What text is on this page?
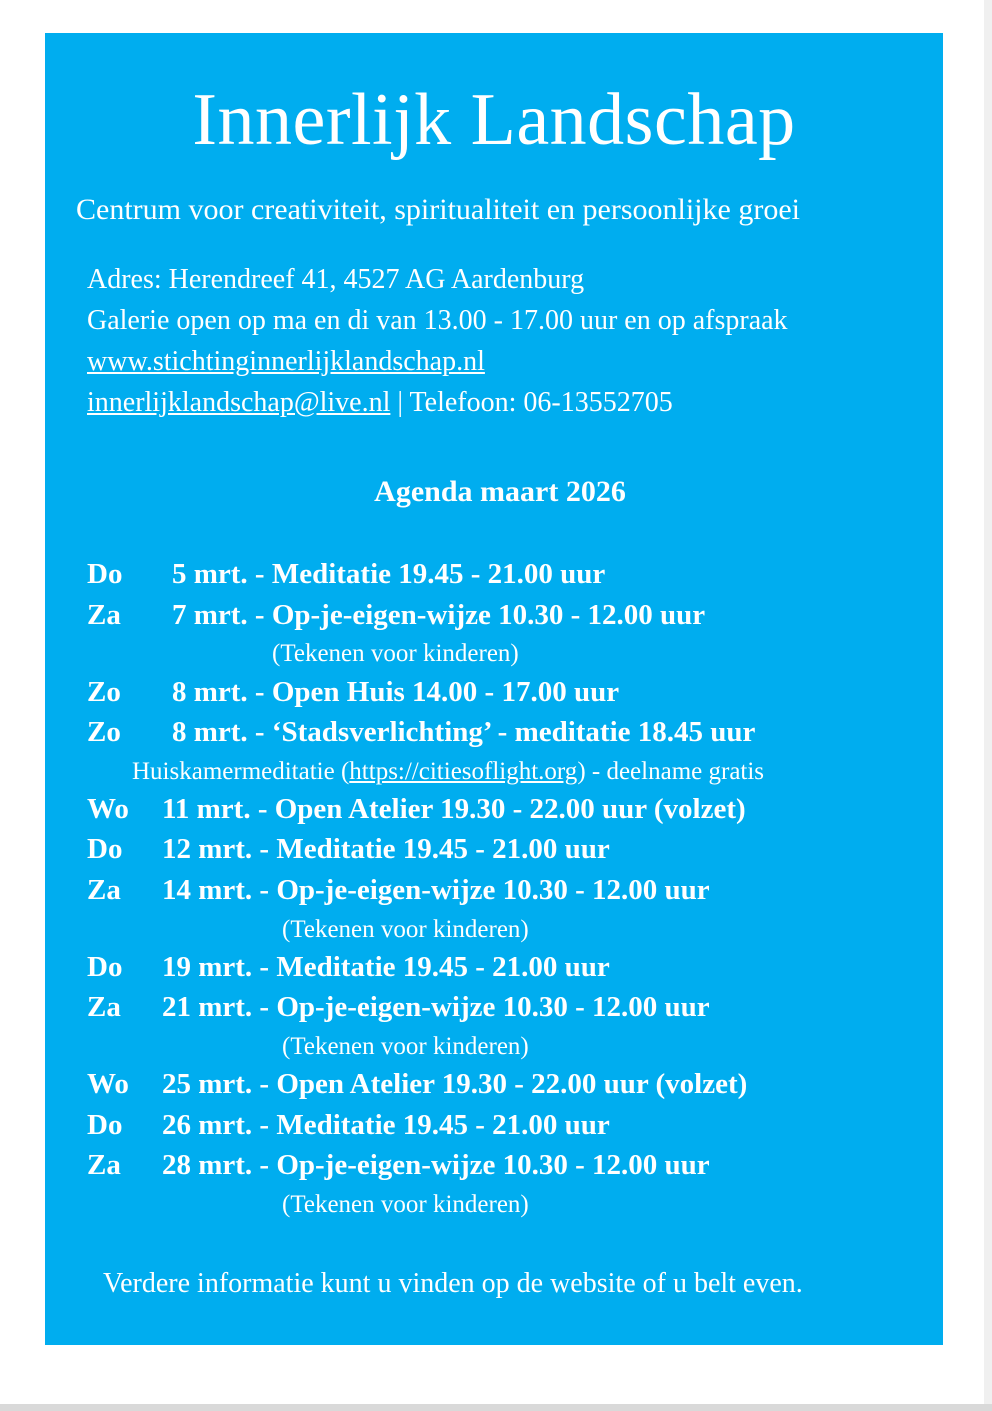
Innerlijk Landschap
Centrum voor creativiteit, spiritualiteit en persoonlijke groei
Adres: Herendreef 41, 4527 AG Aardenburg
Galerie open op ma en di van 13.00 - 17.00 uur en op afspraak
www.stichtinginnerlijklandschap.nl
innerlijklandschap@live.nl | Telefoon: 06-13552705
Agenda maart 2026
Do 5 mrt. - Meditatie 19.45 - 21.00 uur
Za 7 mrt. - Op-je-eigen-wijze 10.30 - 12.00 uur
(Tekenen voor kinderen)
Zo 8 mrt. - Open Huis 14.00 - 17.00 uur
Zo 8 mrt. - ‘Stadsverlichting’ - meditatie 18.45 uur
Huiskamermeditatie (https://citiesoflight.org) - deelname gratis
Wo 11 mrt. - Open Atelier 19.30 - 22.00 uur (volzet)
Do 12 mrt. - Meditatie 19.45 - 21.00 uur
Za 14 mrt. - Op-je-eigen-wijze 10.30 - 12.00 uur
(Tekenen voor kinderen)
Do 19 mrt. - Meditatie 19.45 - 21.00 uur
Za 21 mrt. - Op-je-eigen-wijze 10.30 - 12.00 uur
(Tekenen voor kinderen)
Wo 25 mrt. - Open Atelier 19.30 - 22.00 uur (volzet)
Do 26 mrt. - Meditatie 19.45 - 21.00 uur
Za 28 mrt. - Op-je-eigen-wijze 10.30 - 12.00 uur
(Tekenen voor kinderen)
Verdere informatie kunt u vinden op de website of u belt even.
